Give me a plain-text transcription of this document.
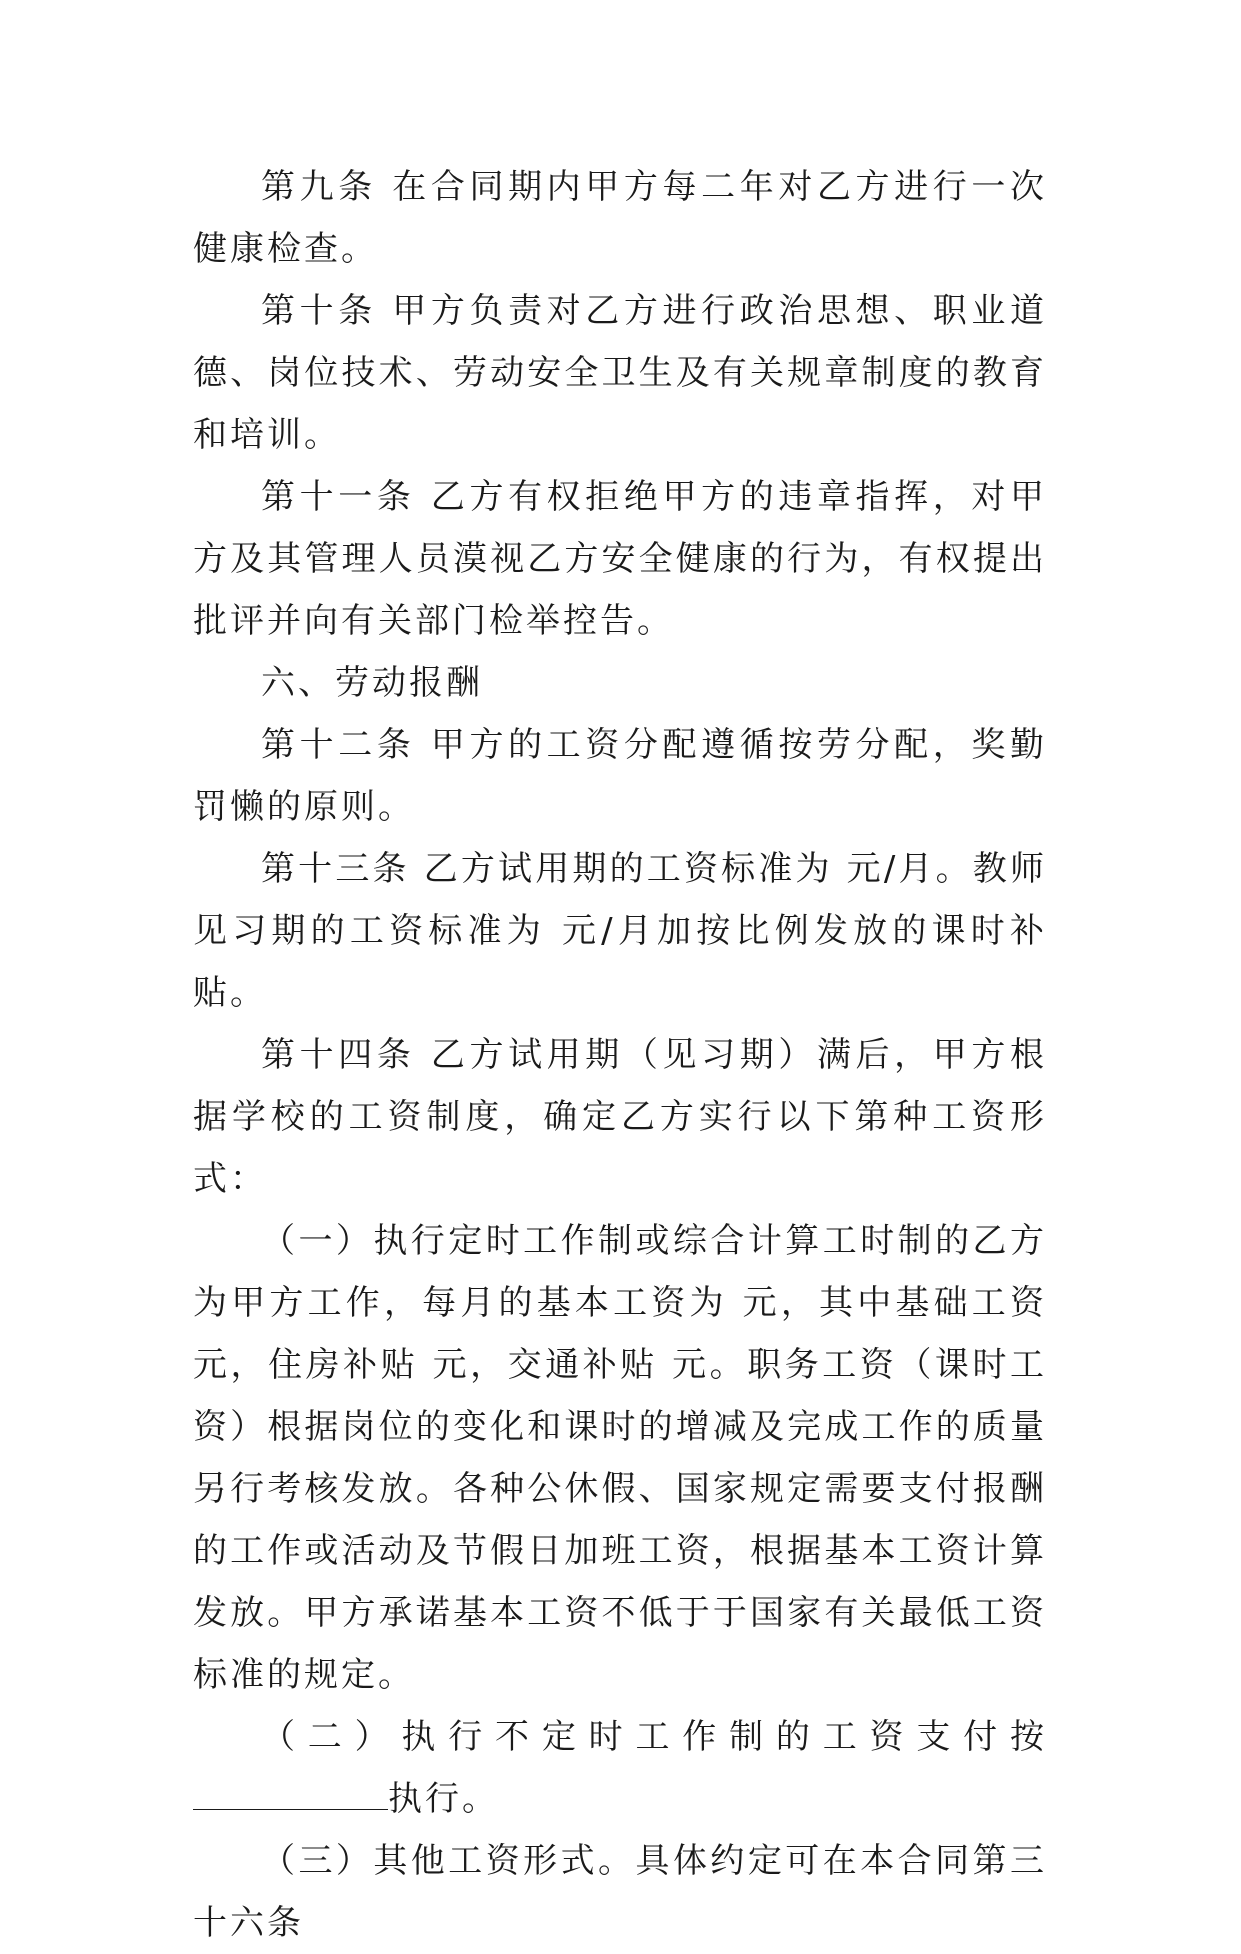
第九条 在合同期内甲方每二年对乙方进行一次健康检查。

第十条 甲方负责对乙方进行政治思想、职业道德、岗位技术、劳动安全卫生及有关规章制度的教育和培训。

第十一条 乙方有权拒绝甲方的违章指挥，对甲方及其管理人员漠视乙方安全健康的行为，有权提出批评并向有关部门检举控告。

六、劳动报酬

第十二条 甲方的工资分配遵循按劳分配，奖勤罚懒的原则。

第十三条 乙方试用期的工资标准为 元/月。教师见习期的工资标准为 元/月加按比例发放的课时补贴。

第十四条 乙方试用期（见习期）满后，甲方根据学校的工资制度，确定乙方实行以下第种工资形式：

（一）执行定时工作制或综合计算工时制的乙方为甲方工作，每月的基本工资为 元，其中基础工资 元，住房补贴 元，交通补贴 元。职务工资（课时工资）根据岗位的变化和课时的增减及完成工作的质量另行考核发放。各种公休假、国家规定需要支付报酬的工作或活动及节假日加班工资，根据基本工资计算发放。甲方承诺基本工资不低于于国家有关最低工资标准的规定。

（二）执行不定时工作制的工资支付按执行。

（三）其他工资形式。具体约定可在本合同第三十六条
